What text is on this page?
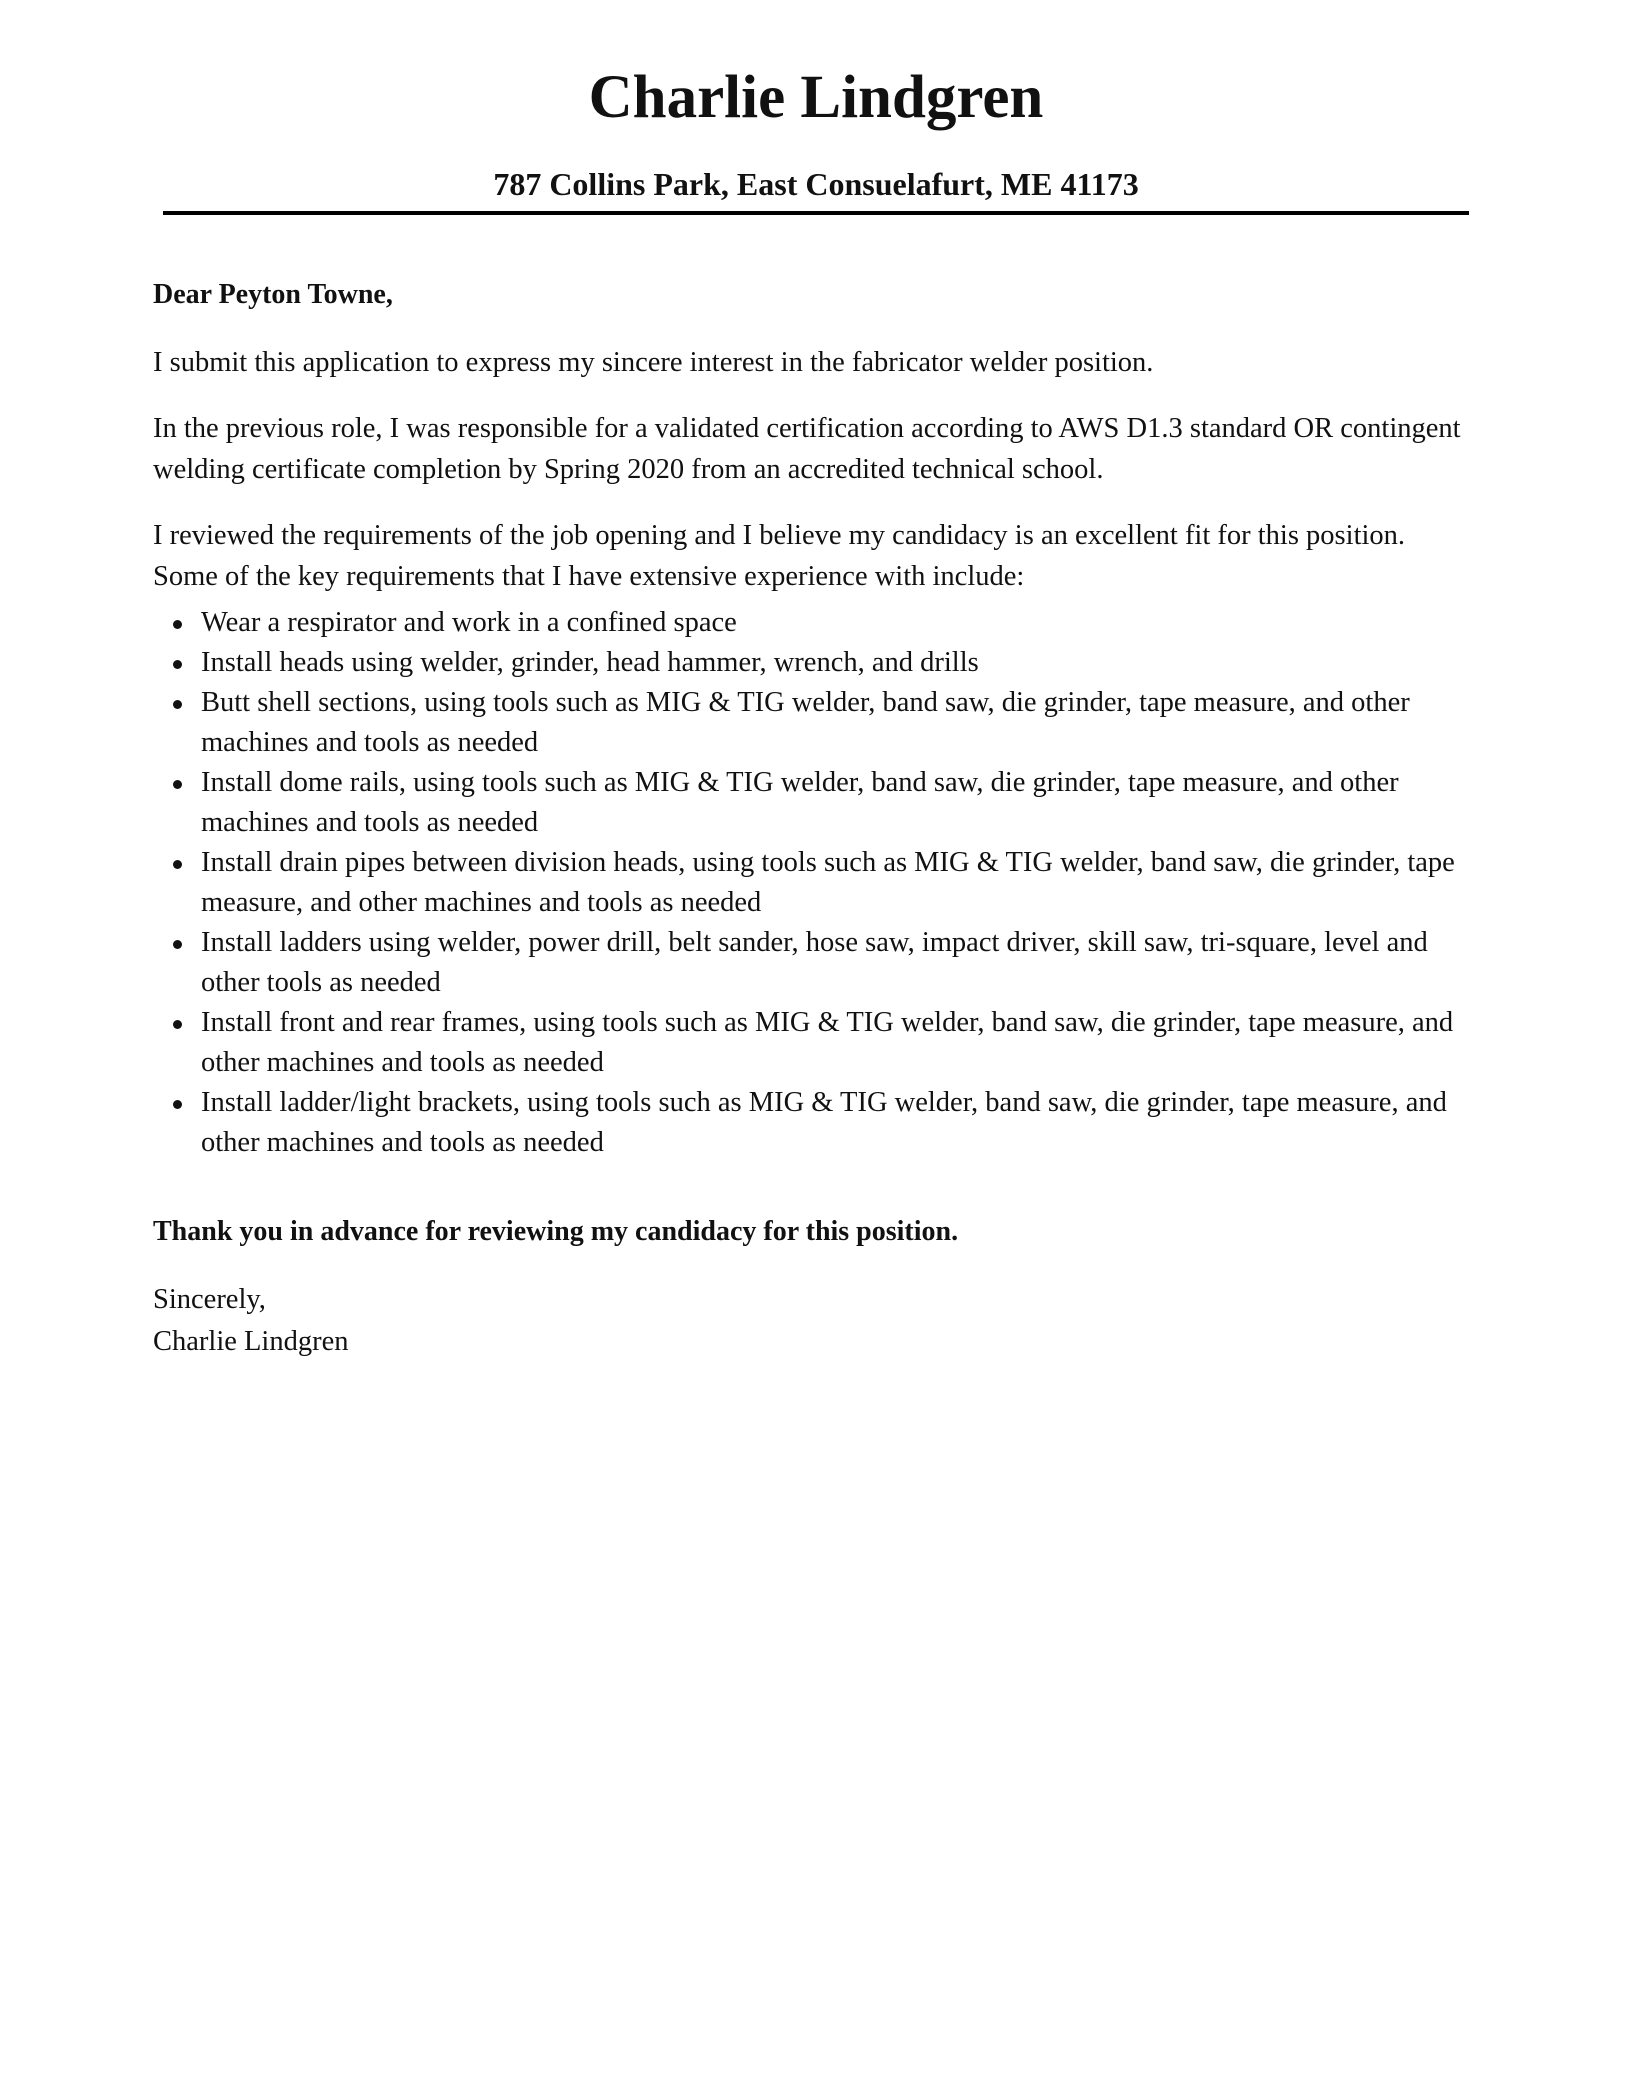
Charlie Lindgren
787 Collins Park, East Consuelafurt, ME 41173

Dear Peyton Towne,

I submit this application to express my sincere interest in the fabricator welder position.

In the previous role, I was responsible for a validated certification according to AWS D1.3 standard OR contingent welding certificate completion by Spring 2020 from an accredited technical school.

I reviewed the requirements of the job opening and I believe my candidacy is an excellent fit for this position. Some of the key requirements that I have extensive experience with include:

Wear a respirator and work in a confined space
Install heads using welder, grinder, head hammer, wrench, and drills
Butt shell sections, using tools such as MIG & TIG welder, band saw, die grinder, tape measure, and other machines and tools as needed
Install dome rails, using tools such as MIG & TIG welder, band saw, die grinder, tape measure, and other machines and tools as needed
Install drain pipes between division heads, using tools such as MIG & TIG welder, band saw, die grinder, tape measure, and other machines and tools as needed
Install ladders using welder, power drill, belt sander, hose saw, impact driver, skill saw, tri-square, level and other tools as needed
Install front and rear frames, using tools such as MIG & TIG welder, band saw, die grinder, tape measure, and other machines and tools as needed
Install ladder/light brackets, using tools such as MIG & TIG welder, band saw, die grinder, tape measure, and other machines and tools as needed

Thank you in advance for reviewing my candidacy for this position.

Sincerely,

Charlie Lindgren
